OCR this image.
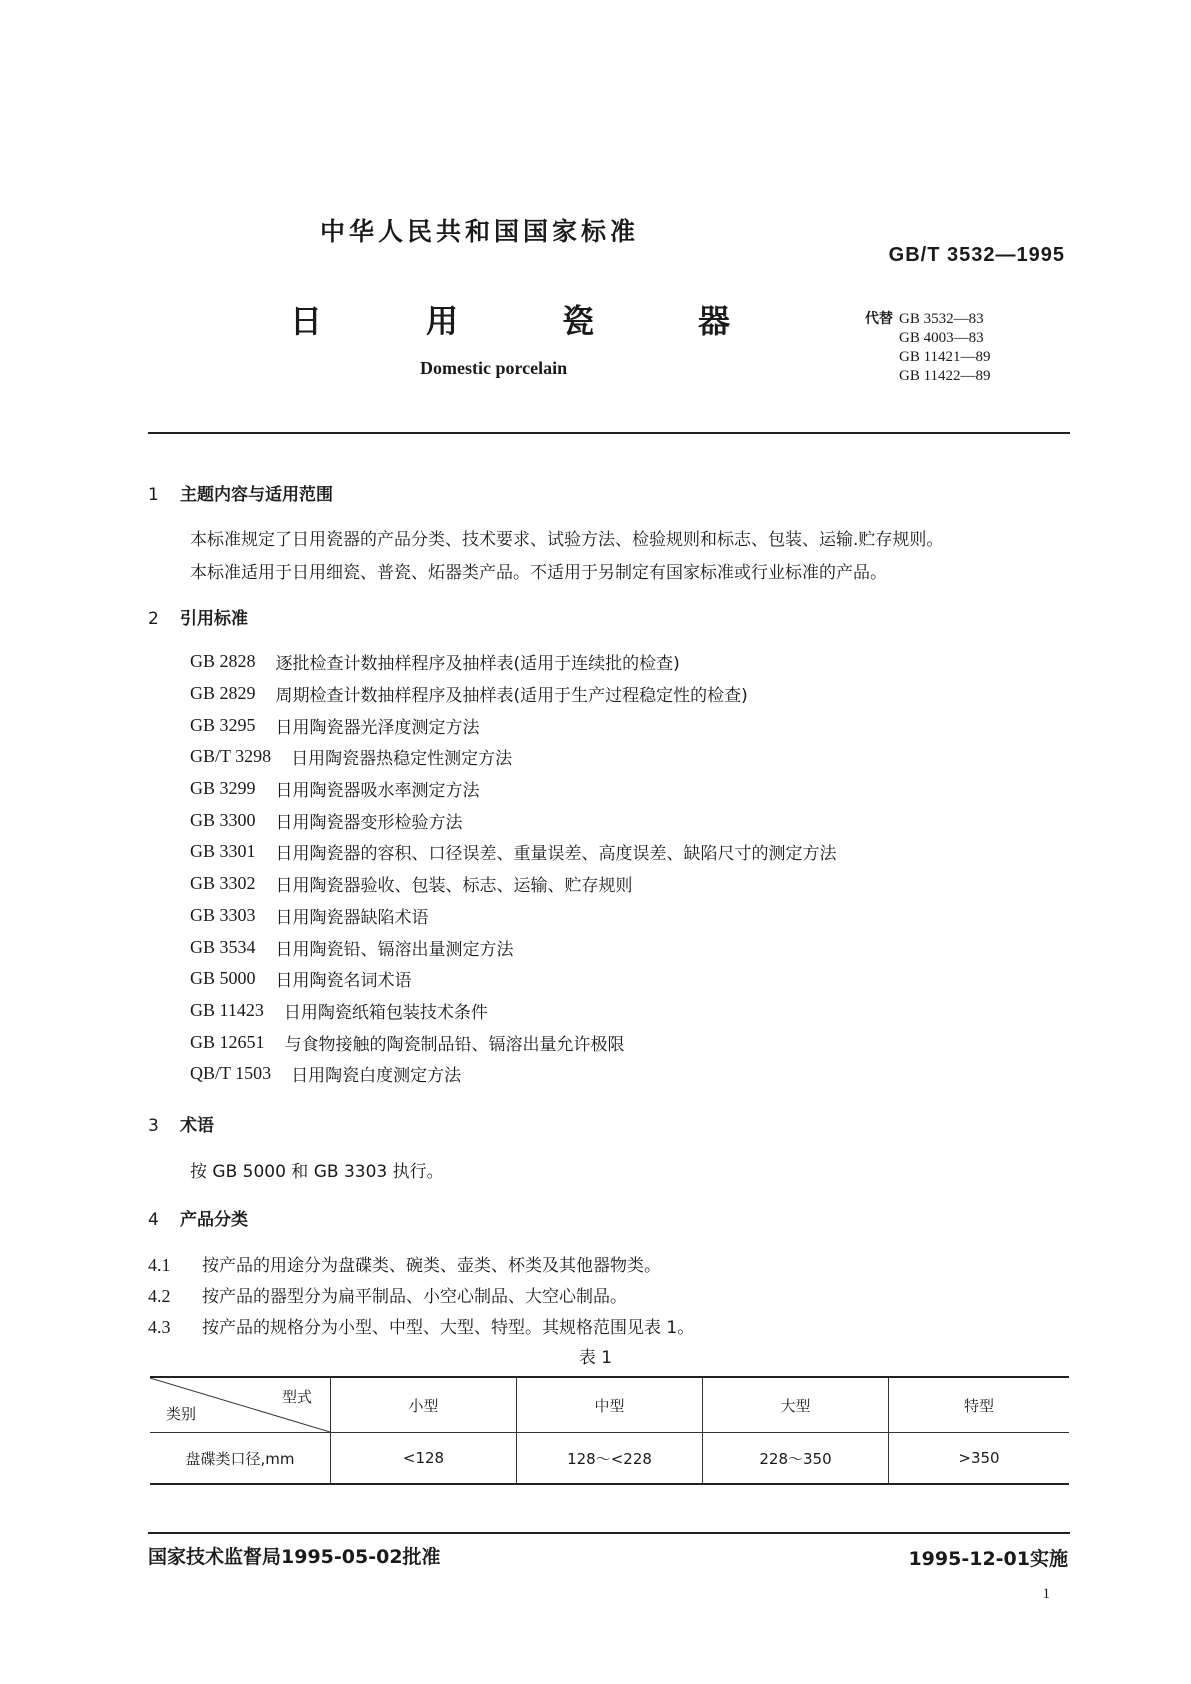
中华人民共和国国家标准
GB/T 3532—1995
日	用	瓷	器
Domestic porcelain
代替 GB 3532—83
GB 4003—83
GB 11421—89
GB 11422—89
1 主题内容与适用范围
本标准规定了日用瓷器的产品分类、技术要求、试验方法、检验规则和标志、包装、运输.贮存规则。
本标准适用于日用细瓷、普瓷、炻器类产品。不适用于另制定有国家标准或行业标准的产品。
2 引用标准
GB 2828 逐批检查计数抽样程序及抽样表(适用于连续批的检查)
GB 2829 周期检查计数抽样程序及抽样表(适用于生产过程稳定性的检查)
GB 3295 日用陶瓷器光泽度测定方法
GB/T 3298 日用陶瓷器热稳定性测定方法
GB 3299 日用陶瓷器吸水率测定方法
GB 3300 日用陶瓷器变形检验方法
GB 3301 日用陶瓷器的容积、口径误差、重量误差、高度误差、缺陷尺寸的测定方法
GB 3302 日用陶瓷器验收、包装、标志、运输、贮存规则
GB 3303 日用陶瓷器缺陷术语
GB 3534 日用陶瓷铅、镉溶出量测定方法
GB 5000 日用陶瓷名词术语
GB 11423 日用陶瓷纸箱包装技术条件
GB 12651 与食物接触的陶瓷制品铅、镉溶出量允许极限
QB/T 1503 日用陶瓷白度测定方法
3 术语
按 GB 5000 和 GB 3303 执行。
4 产品分类
4.1 按产品的用途分为盘碟类、碗类、壶类、杯类及其他器物类。
4.2 按产品的器型分为扁平制品、小空心制品、大空心制品。
4.3 按产品的规格分为小型、中型、大型、特型。其规格范围见表 1。
表 1
型式
类别	小型	中型	大型	特型
盘碟类口径,mm	<128	128～<228	228～350	>350
国家技术监督局1995-05-02批准	1995-12-01实施
1
